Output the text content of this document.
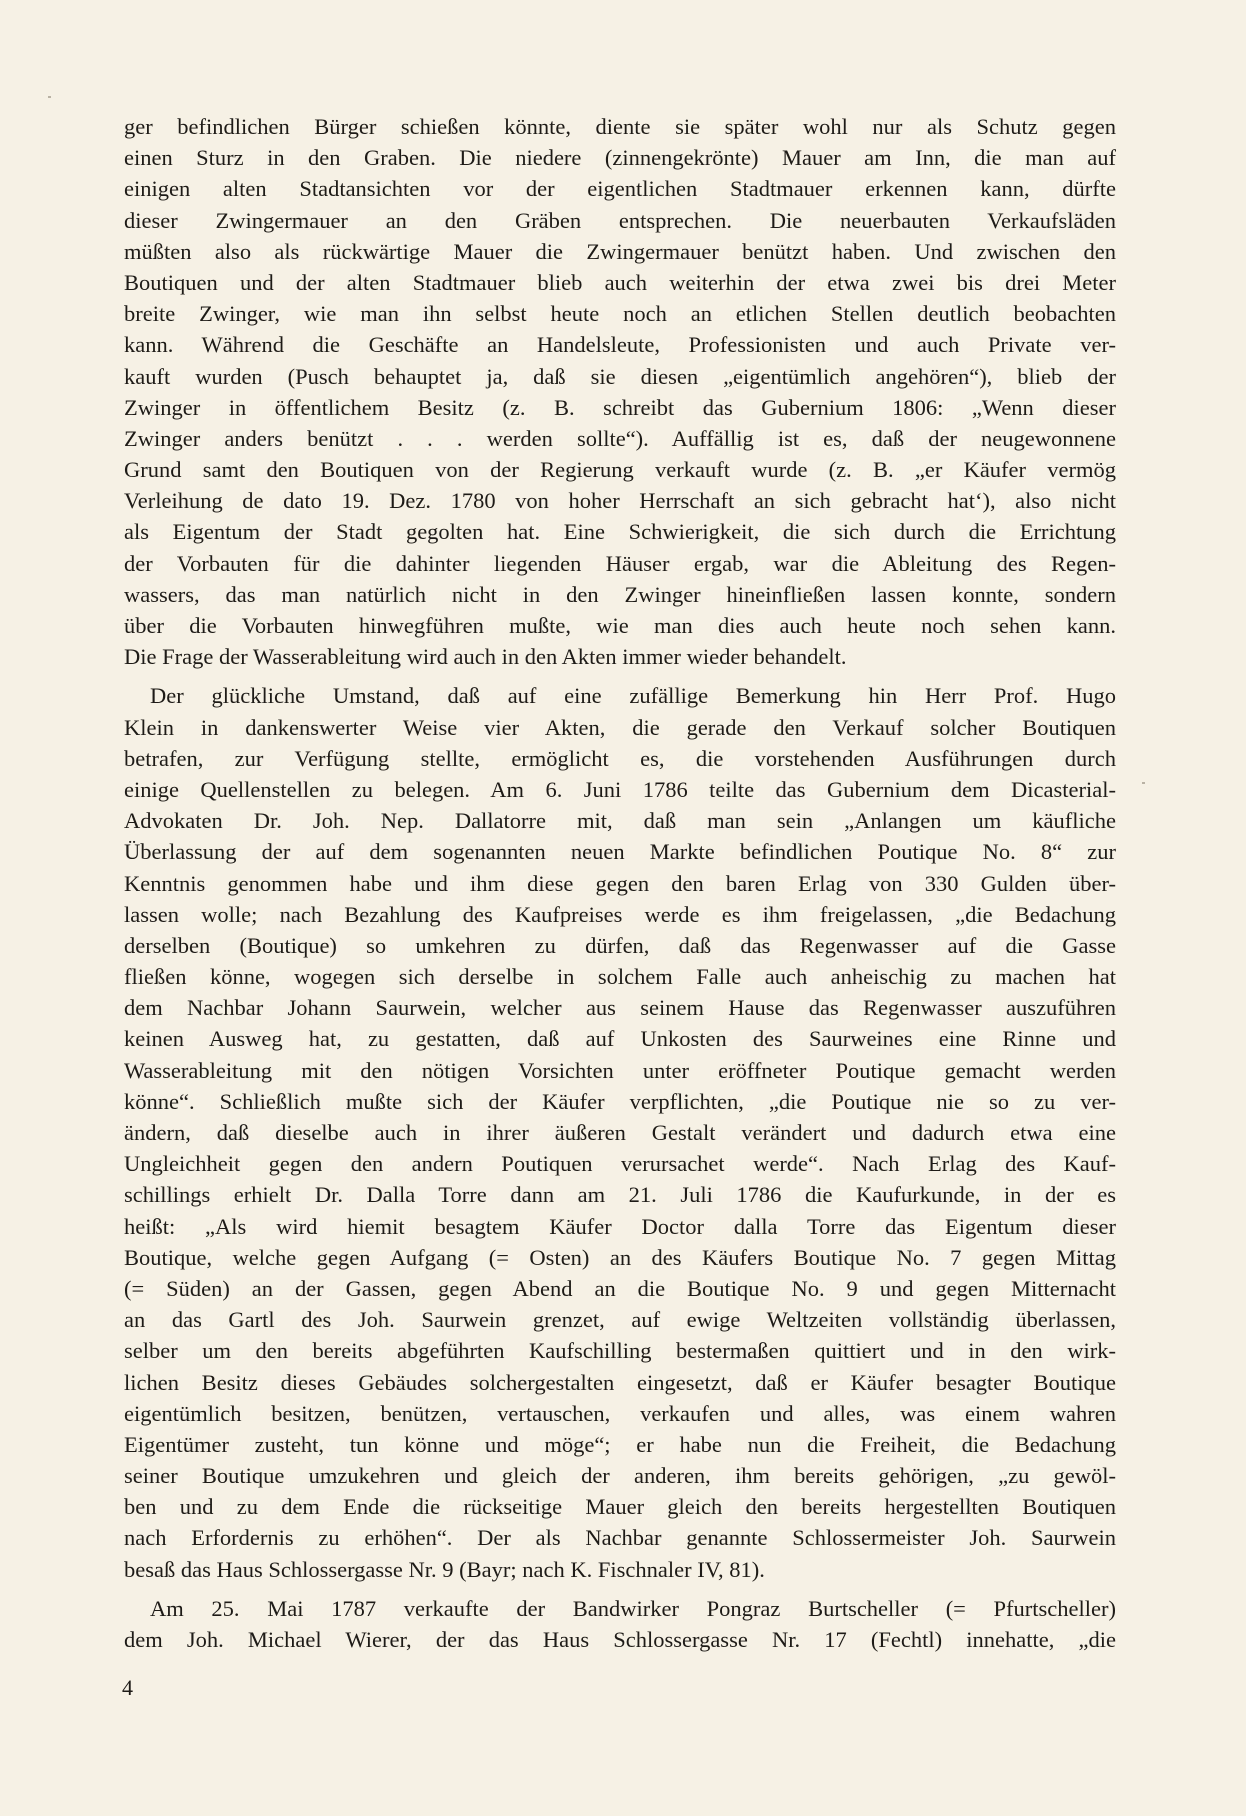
ger befindlichen Bürger schießen könnte, diente sie später wohl nur als Schutz gegen
einen Sturz in den Graben. Die niedere (zinnengekrönte) Mauer am Inn, die man auf
einigen alten Stadtansichten vor der eigentlichen Stadtmauer erkennen kann, dürfte
dieser Zwingermauer an den Gräben entsprechen. Die neuerbauten Verkaufsläden
müßten also als rückwärtige Mauer die Zwingermauer benützt haben. Und zwischen den
Boutiquen und der alten Stadtmauer blieb auch weiterhin der etwa zwei bis drei Meter
breite Zwinger, wie man ihn selbst heute noch an etlichen Stellen deutlich beobachten
kann. Während die Geschäfte an Handelsleute, Professionisten und auch Private ver-
kauft wurden (Pusch behauptet ja, daß sie diesen „eigentümlich angehören“), blieb der
Zwinger in öffentlichem Besitz (z. B. schreibt das Gubernium 1806: „Wenn dieser
Zwinger anders benützt . . . werden sollte“). Auffällig ist es, daß der neugewonnene
Grund samt den Boutiquen von der Regierung verkauft wurde (z. B. „er Käufer vermög
Verleihung de dato 19. Dez. 1780 von hoher Herrschaft an sich gebracht hat‘), also nicht
als Eigentum der Stadt gegolten hat. Eine Schwierigkeit, die sich durch die Errichtung
der Vorbauten für die dahinter liegenden Häuser ergab, war die Ableitung des Regen-
wassers, das man natürlich nicht in den Zwinger hineinfließen lassen konnte, sondern
über die Vorbauten hinwegführen mußte, wie man dies auch heute noch sehen kann.
Die Frage der Wasserableitung wird auch in den Akten immer wieder behandelt.
Der glückliche Umstand, daß auf eine zufällige Bemerkung hin Herr Prof. Hugo
Klein in dankenswerter Weise vier Akten, die gerade den Verkauf solcher Boutiquen
betrafen, zur Verfügung stellte, ermöglicht es, die vorstehenden Ausführungen durch
einige Quellenstellen zu belegen. Am 6. Juni 1786 teilte das Gubernium dem Dicasterial-
Advokaten Dr. Joh. Nep. Dallatorre mit, daß man sein „Anlangen um käufliche
Überlassung der auf dem sogenannten neuen Markte befindlichen Poutique No. 8“ zur
Kenntnis genommen habe und ihm diese gegen den baren Erlag von 330 Gulden über-
lassen wolle; nach Bezahlung des Kaufpreises werde es ihm freigelassen, „die Bedachung
derselben (Boutique) so umkehren zu dürfen, daß das Regenwasser auf die Gasse
fließen könne, wogegen sich derselbe in solchem Falle auch anheischig zu machen hat
dem Nachbar Johann Saurwein, welcher aus seinem Hause das Regenwasser auszuführen
keinen Ausweg hat, zu gestatten, daß auf Unkosten des Saurweines eine Rinne und
Wasserableitung mit den nötigen Vorsichten unter eröffneter Poutique gemacht werden
könne“. Schließlich mußte sich der Käufer verpflichten, „die Poutique nie so zu ver-
ändern, daß dieselbe auch in ihrer äußeren Gestalt verändert und dadurch etwa eine
Ungleichheit gegen den andern Poutiquen verursachet werde“. Nach Erlag des Kauf-
schillings erhielt Dr. Dalla Torre dann am 21. Juli 1786 die Kaufurkunde, in der es
heißt: „Als wird hiemit besagtem Käufer Doctor dalla Torre das Eigentum dieser
Boutique, welche gegen Aufgang (= Osten) an des Käufers Boutique No. 7 gegen Mittag
(= Süden) an der Gassen, gegen Abend an die Boutique No. 9 und gegen Mitternacht
an das Gartl des Joh. Saurwein grenzet, auf ewige Weltzeiten vollständig überlassen,
selber um den bereits abgeführten Kaufschilling bestermaßen quittiert und in den wirk-
lichen Besitz dieses Gebäudes solchergestalten eingesetzt, daß er Käufer besagter Boutique
eigentümlich besitzen, benützen, vertauschen, verkaufen und alles, was einem wahren
Eigentümer zusteht, tun könne und möge“; er habe nun die Freiheit, die Bedachung
seiner Boutique umzukehren und gleich der anderen, ihm bereits gehörigen, „zu gewöl-
ben und zu dem Ende die rückseitige Mauer gleich den bereits hergestellten Boutiquen
nach Erfordernis zu erhöhen“. Der als Nachbar genannte Schlossermeister Joh. Saurwein
besaß das Haus Schlossergasse Nr. 9 (Bayr; nach K. Fischnaler IV, 81).
Am 25. Mai 1787 verkaufte der Bandwirker Pongraz Burtscheller (= Pfurtscheller)
dem Joh. Michael Wierer, der das Haus Schlossergasse Nr. 17 (Fechtl) innehatte, „die
4
